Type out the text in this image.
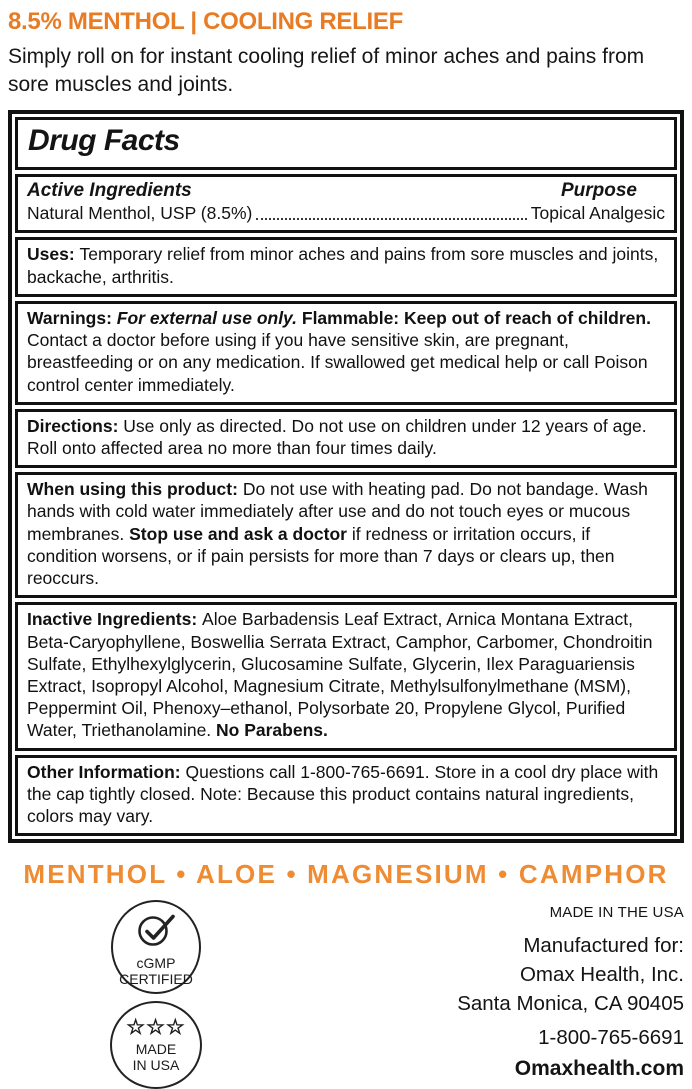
8.5% MENTHOL | COOLING RELIEF
Simply roll on for instant cooling relief of minor aches and pains from sore muscles and joints.
Drug Facts
Active Ingredients	Purpose
Natural Menthol, USP (8.5%)	Topical Analgesic
Uses: Temporary relief from minor aches and pains from sore muscles and joints, backache, arthritis.
Warnings: For external use only. Flammable: Keep out of reach of children. Contact a doctor before using if you have sensitive skin, are pregnant, breastfeeding or on any medication. If swallowed get medical help or call Poison control center immediately.
Directions: Use only as directed. Do not use on children under 12 years of age. Roll onto affected area no more than four times daily.
When using this product: Do not use with heating pad. Do not bandage. Wash hands with cold water immediately after use and do not touch eyes or mucous membranes. Stop use and ask a doctor if redness or irritation occurs, if condition worsens, or if pain persists for more than 7 days or clears up, then reoccurs.
Inactive Ingredients: Aloe Barbadensis Leaf Extract, Arnica Montana Extract, Beta-Caryophyllene, Boswellia Serrata Extract, Camphor, Carbomer, Chondroitin Sulfate, Ethylhexylglycerin, Glucosamine Sulfate, Glycerin, Ilex Paraguariensis Extract, Isopropyl Alcohol, Magnesium Citrate, Methylsulfonylmethane (MSM), Peppermint Oil, Phenoxy–ethanol, Polysorbate 20, Propylene Glycol, Purified Water, Triethanolamine. No Parabens.
Other Information: Questions call 1-800-765-6691. Store in a cool dry place with the cap tightly closed. Note: Because this product contains natural ingredients, colors may vary.
MENTHOL • ALOE • MAGNESIUM • CAMPHOR
cGMP
CERTIFIED
☆☆☆
MADE
IN USA
MADE IN THE USA
Manufactured for:
Omax Health, Inc.
Santa Monica, CA 90405
1-800-765-6691
Omaxhealth.com
